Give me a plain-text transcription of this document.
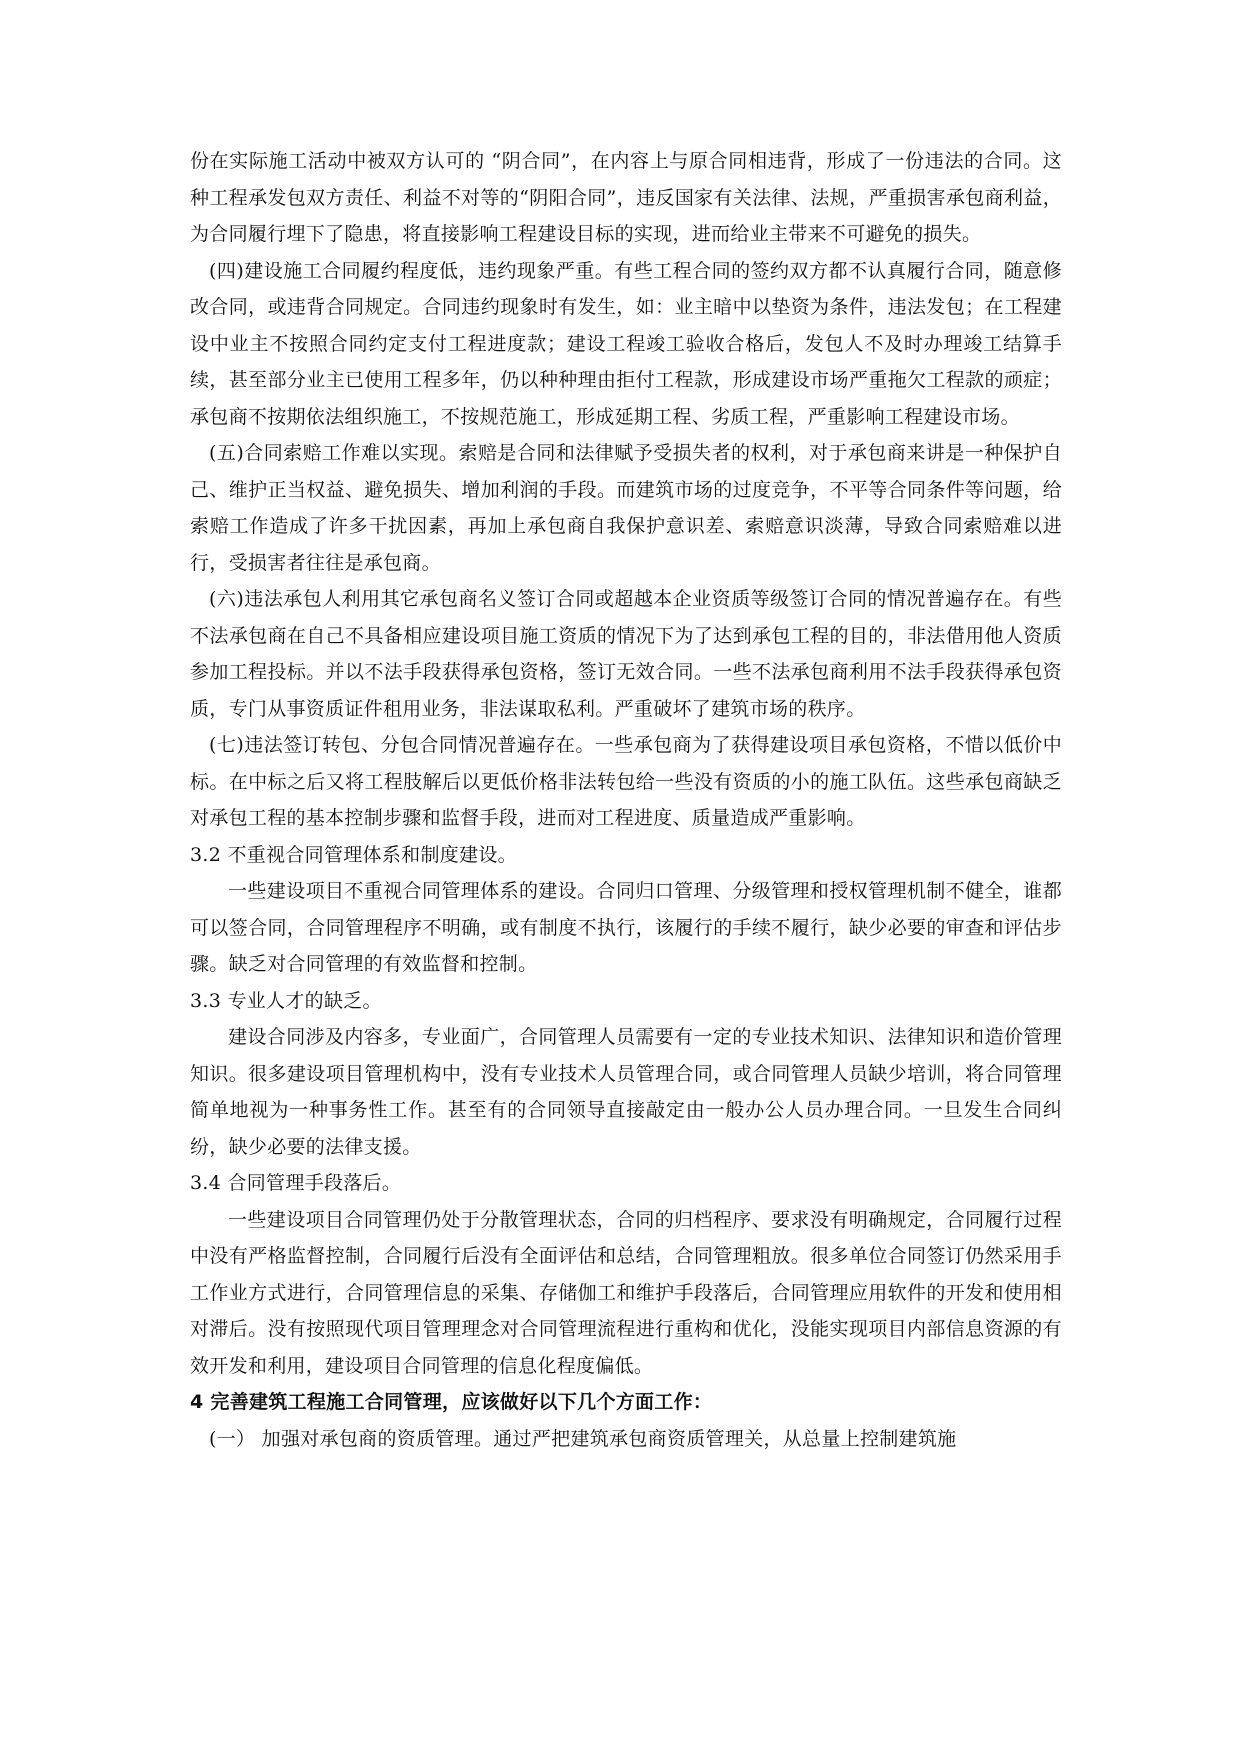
份在实际施工活动中被双方认可的 “阴合同”，在内容上与原合同相违背，形成了一份违法的合同。这种工程承发包双方责任、利益不对等的“阴阳合同”，违反国家有关法律、法规，严重损害承包商利益，为合同履行埋下了隐患，将直接影响工程建设目标的实现，进而给业主带来不可避免的损失。

(四)建设施工合同履约程度低，违约现象严重。有些工程合同的签约双方都不认真履行合同，随意修改合同，或违背合同规定。合同违约现象时有发生，如：业主暗中以垫资为条件，违法发包；在工程建设中业主不按照合同约定支付工程进度款；建设工程竣工验收合格后，发包人不及时办理竣工结算手续，甚至部分业主已使用工程多年，仍以种种理由拒付工程款，形成建设市场严重拖欠工程款的顽症；承包商不按期依法组织施工，不按规范施工，形成延期工程、劣质工程，严重影响工程建设市场。

(五)合同索赔工作难以实现。索赔是合同和法律赋予受损失者的权利，对于承包商来讲是一种保护自己、维护正当权益、避免损失、增加利润的手段。而建筑市场的过度竞争，不平等合同条件等问题，给索赔工作造成了许多干扰因素，再加上承包商自我保护意识差、索赔意识淡薄，导致合同索赔难以进行，受损害者往往是承包商。

(六)违法承包人利用其它承包商名义签订合同或超越本企业资质等级签订合同的情况普遍存在。有些不法承包商在自己不具备相应建设项目施工资质的情况下为了达到承包工程的目的，非法借用他人资质参加工程投标。并以不法手段获得承包资格，签订无效合同。一些不法承包商利用不法手段获得承包资质，专门从事资质证件租用业务，非法谋取私利。严重破坏了建筑市场的秩序。

(七)违法签订转包、分包合同情况普遍存在。一些承包商为了获得建设项目承包资格，不惜以低价中标。在中标之后又将工程肢解后以更低价格非法转包给一些没有资质的小的施工队伍。这些承包商缺乏对承包工程的基本控制步骤和监督手段，进而对工程进度、质量造成严重影响。

3.2 不重视合同管理体系和制度建设。

一些建设项目不重视合同管理体系的建设。合同归口管理、分级管理和授权管理机制不健全，谁都可以签合同，合同管理程序不明确，或有制度不执行，该履行的手续不履行，缺少必要的审查和评估步骤。缺乏对合同管理的有效监督和控制。

3.3 专业人才的缺乏。

建设合同涉及内容多，专业面广，合同管理人员需要有一定的专业技术知识、法律知识和造价管理知识。很多建设项目管理机构中，没有专业技术人员管理合同，或合同管理人员缺少培训，将合同管理简单地视为一种事务性工作。甚至有的合同领导直接敲定由一般办公人员办理合同。一旦发生合同纠纷，缺少必要的法律支援。

3.4 合同管理手段落后。

一些建设项目合同管理仍处于分散管理状态，合同的归档程序、要求没有明确规定，合同履行过程中没有严格监督控制，合同履行后没有全面评估和总结，合同管理粗放。很多单位合同签订仍然采用手工作业方式进行，合同管理信息的采集、存储伽工和维护手段落后，合同管理应用软件的开发和使用相对滞后。没有按照现代项目管理理念对合同管理流程进行重构和优化，没能实现项目内部信息资源的有效开发和利用，建设项目合同管理的信息化程度偏低。

4 完善建筑工程施工合同管理，应该做好以下几个方面工作：

(一） 加强对承包商的资质管理。通过严把建筑承包商资质管理关，从总量上控制建筑施
